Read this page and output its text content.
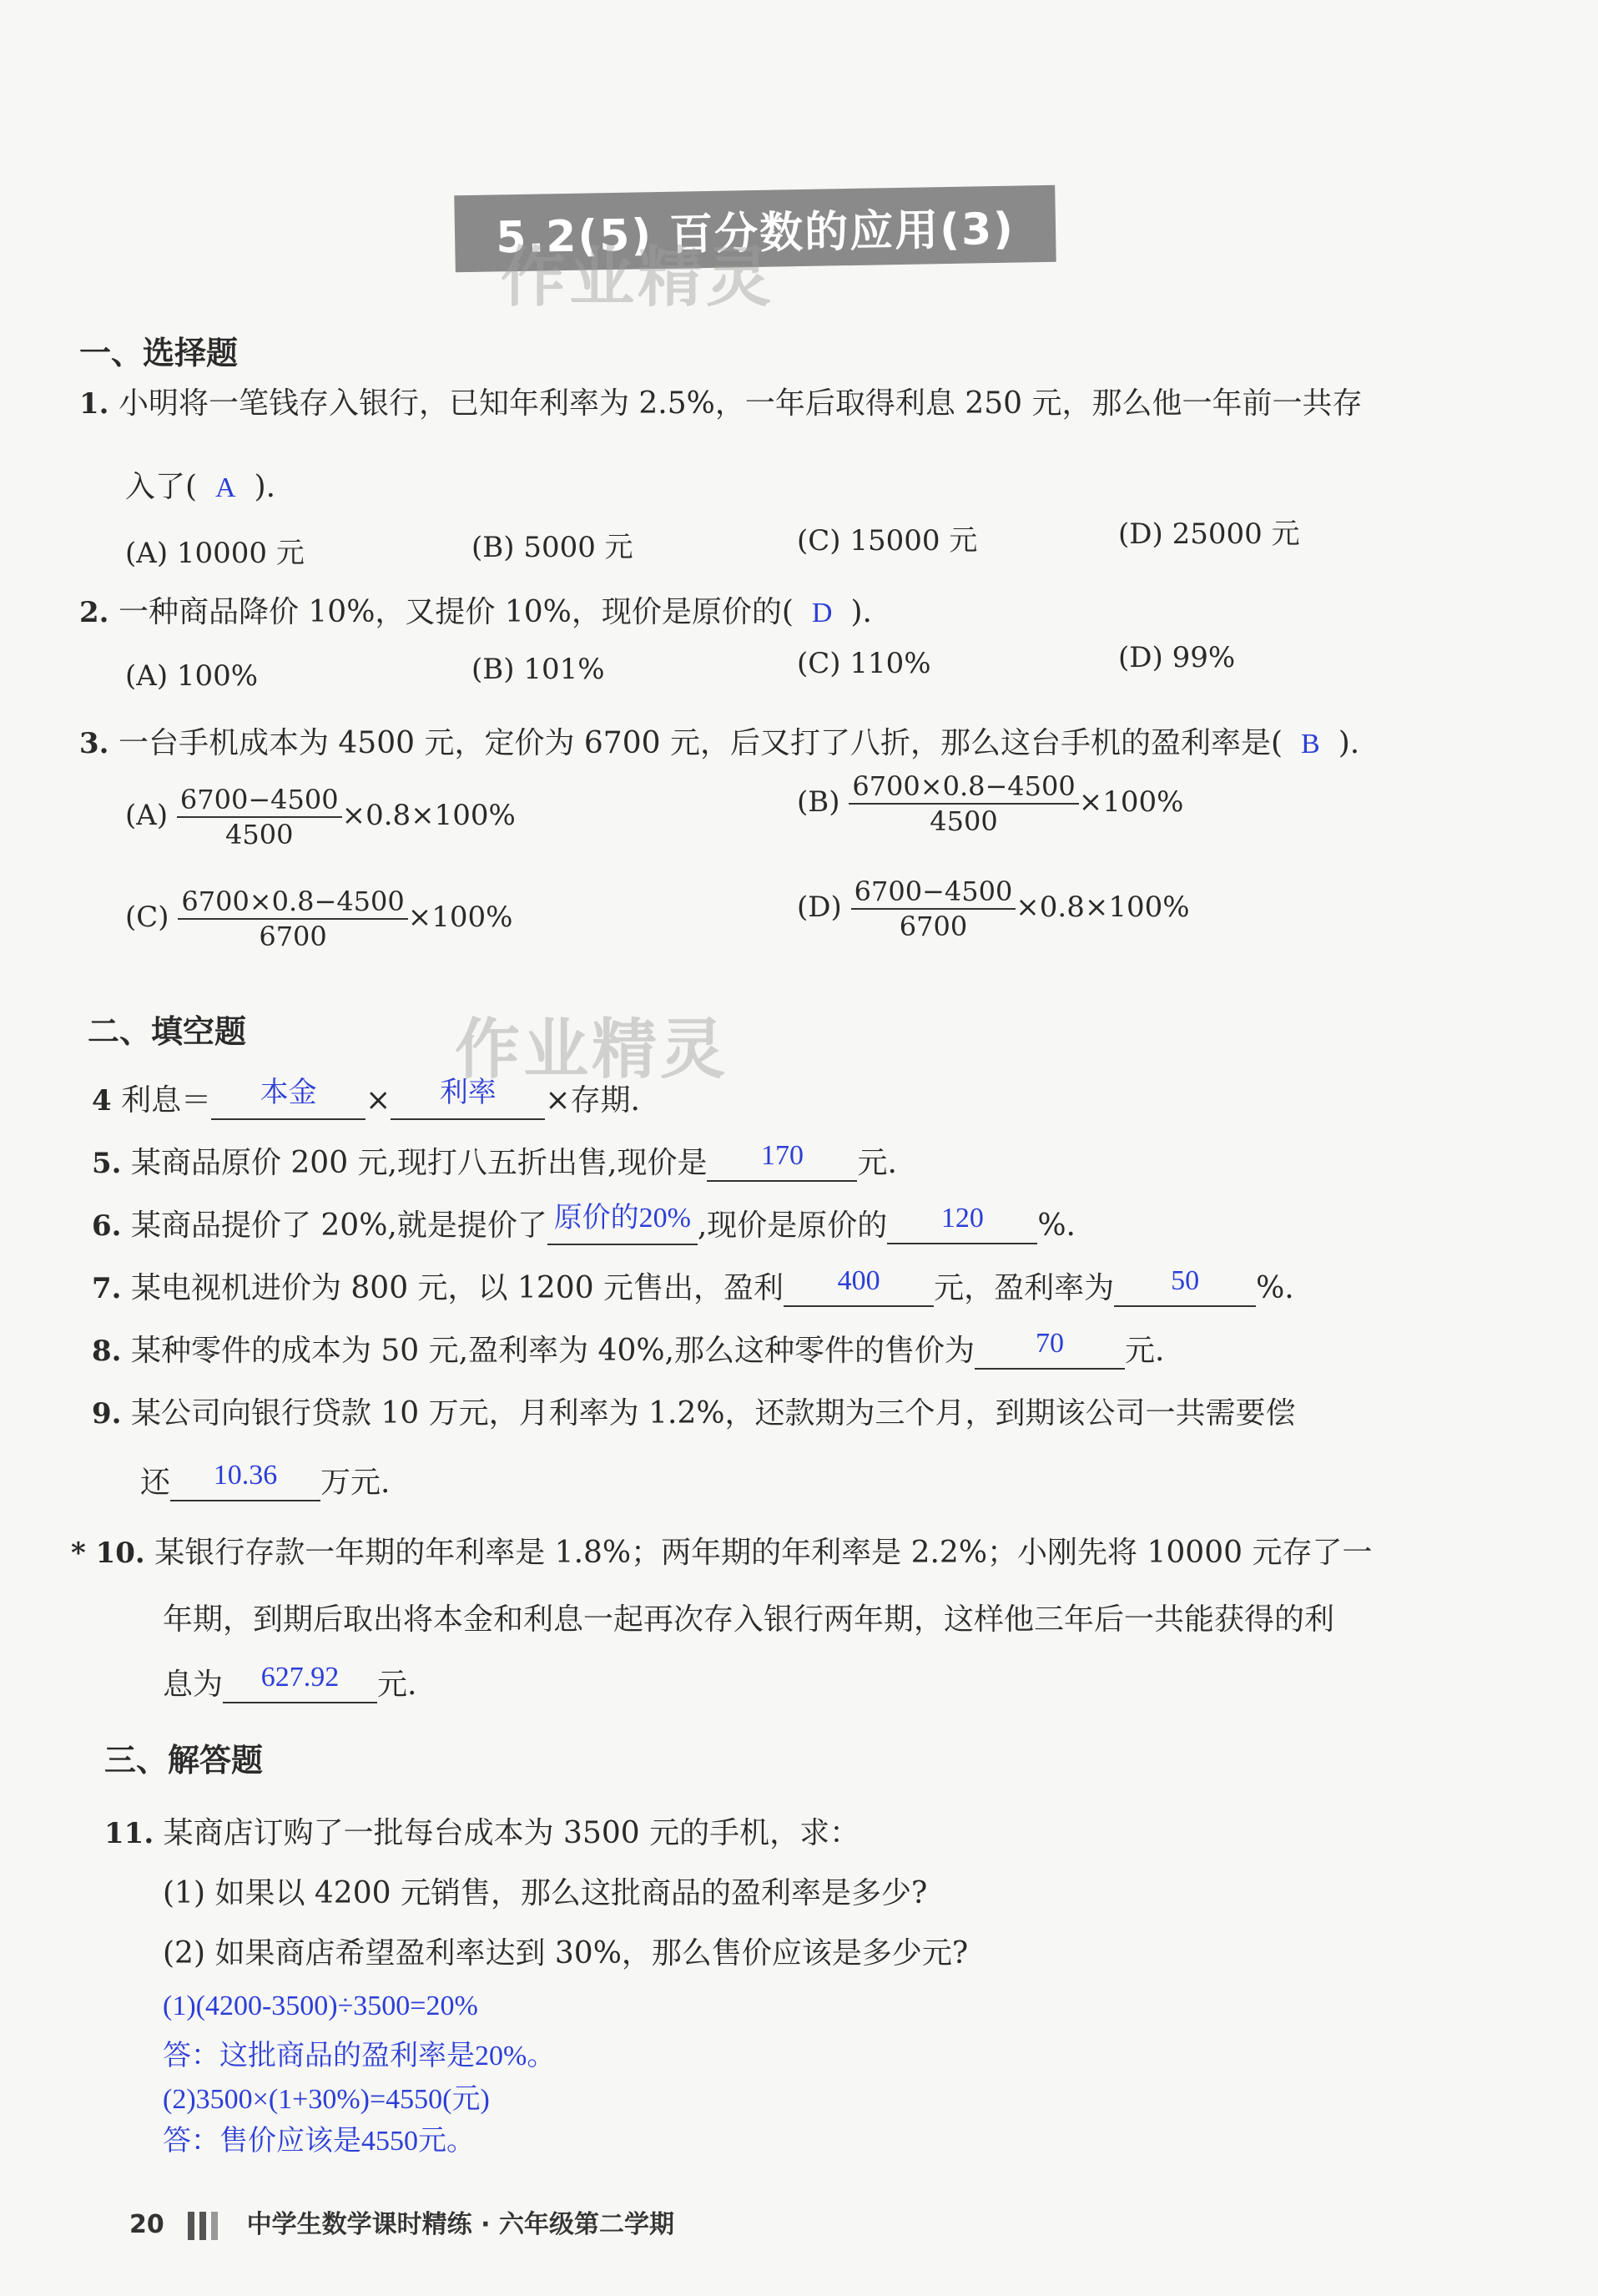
5.2(5) 百分数的应用(3)
作业精灵
作业精灵
一、选择题
1. 小明将一笔钱存入银行，已知年利率为 2.5%，一年后取得利息 250 元，那么他一年前一共存
入了( A ).
(A) 10000 元	(B) 5000 元	(C) 15000 元	(D) 25000 元
2. 一种商品降价 10%，又提价 10%，现价是原价的( D ).
(A) 100%	(B) 101%	(C) 110%	(D) 99%
3. 一台手机成本为 4500 元，定价为 6700 元，后又打了八折，那么这台手机的盈利率是( B ).
$(A) \frac{6700-4500}{4500} \times 0.8\times 100\%$	$(B) \frac{6700\times 0.8-4500}{4500} \times 100\%$
$(C) \frac{6700\times 0.8-4500}{6700} \times 100\%$	$(D) \frac{6700-4500}{6700} \times 0.8\times 100\%$
二、填空题
4 利息＝ 本金 × 利率 ×存期.
5. 某商品原价 200 元,现打八五折出售,现价是 170 元.
6. 某商品提价了 20%,就是提价了 原价的20% ,现价是原价的 120 %.
7. 某电视机进价为 800 元，以 1200 元售出，盈利 400 元，盈利率为 50 %.
8. 某种零件的成本为 50 元,盈利率为 40%,那么这种零件的售价为 70 元.
9. 某公司向银行贷款 10 万元，月利率为 1.2%，还款期为三个月，到期该公司一共需要偿
还 10.36 万元.
* 10. 某银行存款一年期的年利率是 1.8%；两年期的年利率是 2.2%；小刚先将 10000 元存了一
年期，到期后取出将本金和利息一起再次存入银行两年期，这样他三年后一共能获得的利
息为 627.92 元.
三、解答题
11. 某商店订购了一批每台成本为 3500 元的手机，求：
(1) 如果以 4200 元销售，那么这批商品的盈利率是多少?
(2) 如果商店希望盈利率达到 30%，那么售价应该是多少元?
(1)(4200-3500)÷3500=20%
答：这批商品的盈利率是20%。
(2)3500×(1+30%)=4550(元)
答：售价应该是4550元。
20	中学生数学课时精练 · 六年级第二学期
